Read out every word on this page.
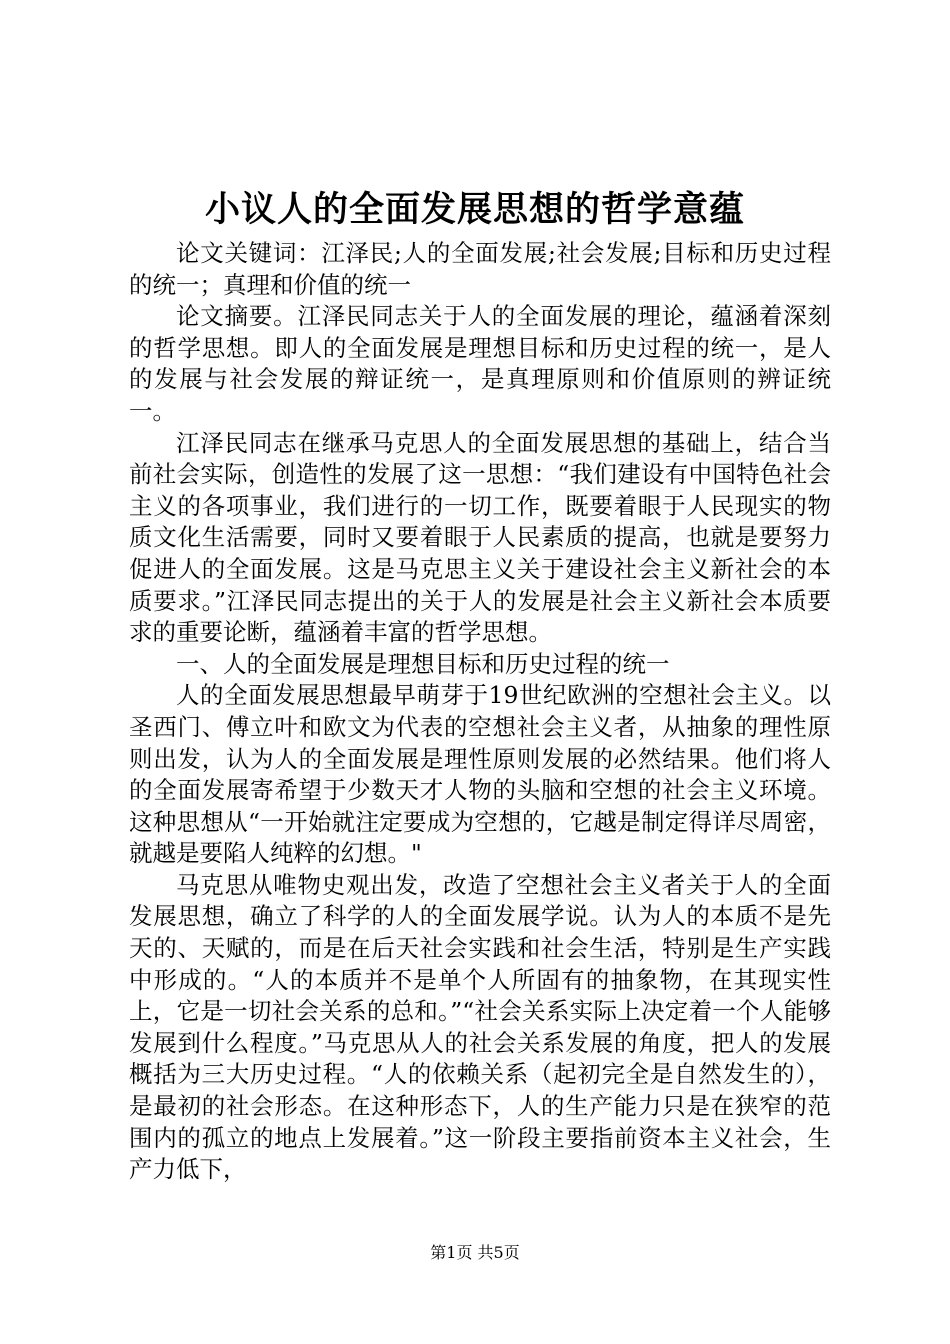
小议人的全面发展思想的哲学意蕴

论文关键词：江泽民;人的全面发展;社会发展;目标和历史过程的统一；真理和价值的统一

论文摘要。江泽民同志关于人的全面发展的理论，蕴涵着深刻的哲学思想。即人的全面发展是理想目标和历史过程的统一，是人的发展与社会发展的辩证统一，是真理原则和价值原则的辨证统一。

江泽民同志在继承马克思人的全面发展思想的基础上，结合当前社会实际，创造性的发展了这一思想：“我们建设有中国特色社会主义的各项事业，我们进行的一切工作，既要着眼于人民现实的物质文化生活需要，同时又要着眼于人民素质的提高，也就是要努力促进人的全面发展。这是马克思主义关于建设社会主义新社会的本质要求。”江泽民同志提出的关于人的发展是社会主义新社会本质要求的重要论断，蕴涵着丰富的哲学思想。

一、人的全面发展是理想目标和历史过程的统一

人的全面发展思想最早萌芽于19世纪欧洲的空想社会主义。以圣西门、傅立叶和欧文为代表的空想社会主义者，从抽象的理性原则出发，认为人的全面发展是理性原则发展的必然结果。他们将人的全面发展寄希望于少数天才人物的头脑和空想的社会主义环境。这种思想从“一开始就注定要成为空想的，它越是制定得详尽周密，就越是要陷人纯粹的幻想。"

马克思从唯物史观出发，改造了空想社会主义者关于人的全面发展思想，确立了科学的人的全面发展学说。认为人的本质不是先天的、天赋的，而是在后天社会实践和社会生活，特别是生产实践中形成的。“人的本质并不是单个人所固有的抽象物，在其现实性上，它是一切社会关系的总和。”“社会关系实际上决定着一个人能够发展到什么程度。”马克思从人的社会关系发展的角度，把人的发展概括为三大历史过程。“人的依赖关系（起初完全是自然发生的），是最初的社会形态。在这种形态下，人的生产能力只是在狭窄的范围内的孤立的地点上发展着。”这一阶段主要指前资本主义社会，生产力低下，

第1页 共5页
